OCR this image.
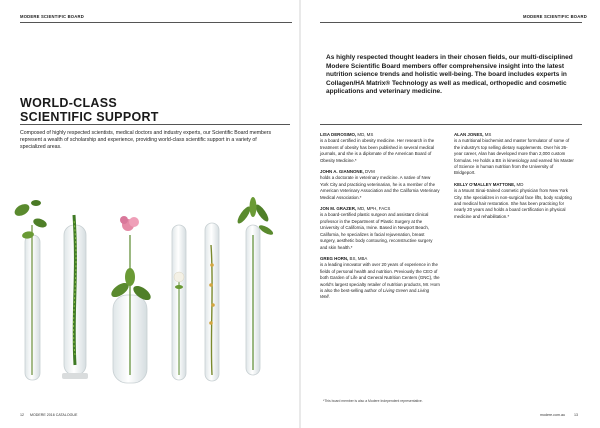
MODERE SCIENTIFIC BOARD	MODERE SCIENTIFIC BOARD
WORLD-CLASS
SCIENTIFIC SUPPORT
Composed of highly respected scientists, medical doctors and industry experts, our Scientific Board members represent a wealth of scholarship and experience, providing world-class scientific support in a variety of specialized areas.
As highly respected thought leaders in their chosen fields, our multi-disciplined Modere Scientific Board members offer comprehensive insight into the latest nutrition science trends and holistic well-being. The board includes experts in Collagen/HA Matrix® Technology as well as medical, orthopedic and cosmetic applications and veterinary medicine.
LISA DEROSIMO, MD, MS
is a board certified in obesity medicine. Her research in the treatment of obesity has been published in several medical journals, and she is a diplomate of the American Board of Obesity Medicine.*
JOHN A. GIANNONE, DVM
holds a doctorate in veterinary medicine. A native of New York City and practicing veterinarian, he is a member of the American Veterinary Association and the California Veterinary Medical Association.*
JON M. GRAZER, MD, MPH, FACS
is a board-certified plastic surgeon and assistant clinical professor in the Department of Plastic Surgery at the University of California, Irvine. Based in Newport Beach, California, he specializes in facial rejuvenation, breast surgery, aesthetic body contouring, reconstructive surgery and skin health.*
GREG HORN, BS, MBA
is a leading innovator with over 20 years of experience in the fields of personal health and nutrition. Previously the CEO of both Garden of Life and General Nutrition Centers (GNC), the world's largest specialty retailer of nutrition products, Mr. Horn is also the best-selling author of Living Green and Living Well.
ALAN JONES, MS
is a nutritional biochemist and master formulator of some of the industry's top selling dietary supplements. Over his 26-year career, Alan has developed more than 2,000 custom formulas. He holds a BS in kinesiology and earned his Master of Science in human nutrition from the University of Bridgeport.
KELLY O'MALLEY MATTONE, MD
is a Mount Sinai-trained cosmetic physician from New York City. She specializes in non-surgical face lifts, body sculpting and medical hair restoration. She has been practicing for nearly 20 years and holds a board certification in physical medicine and rehabilitation.*
*This board member is also a Modere Independent representative.
12 MODERE 2016 CATALOGUE	modere.com.au	13
